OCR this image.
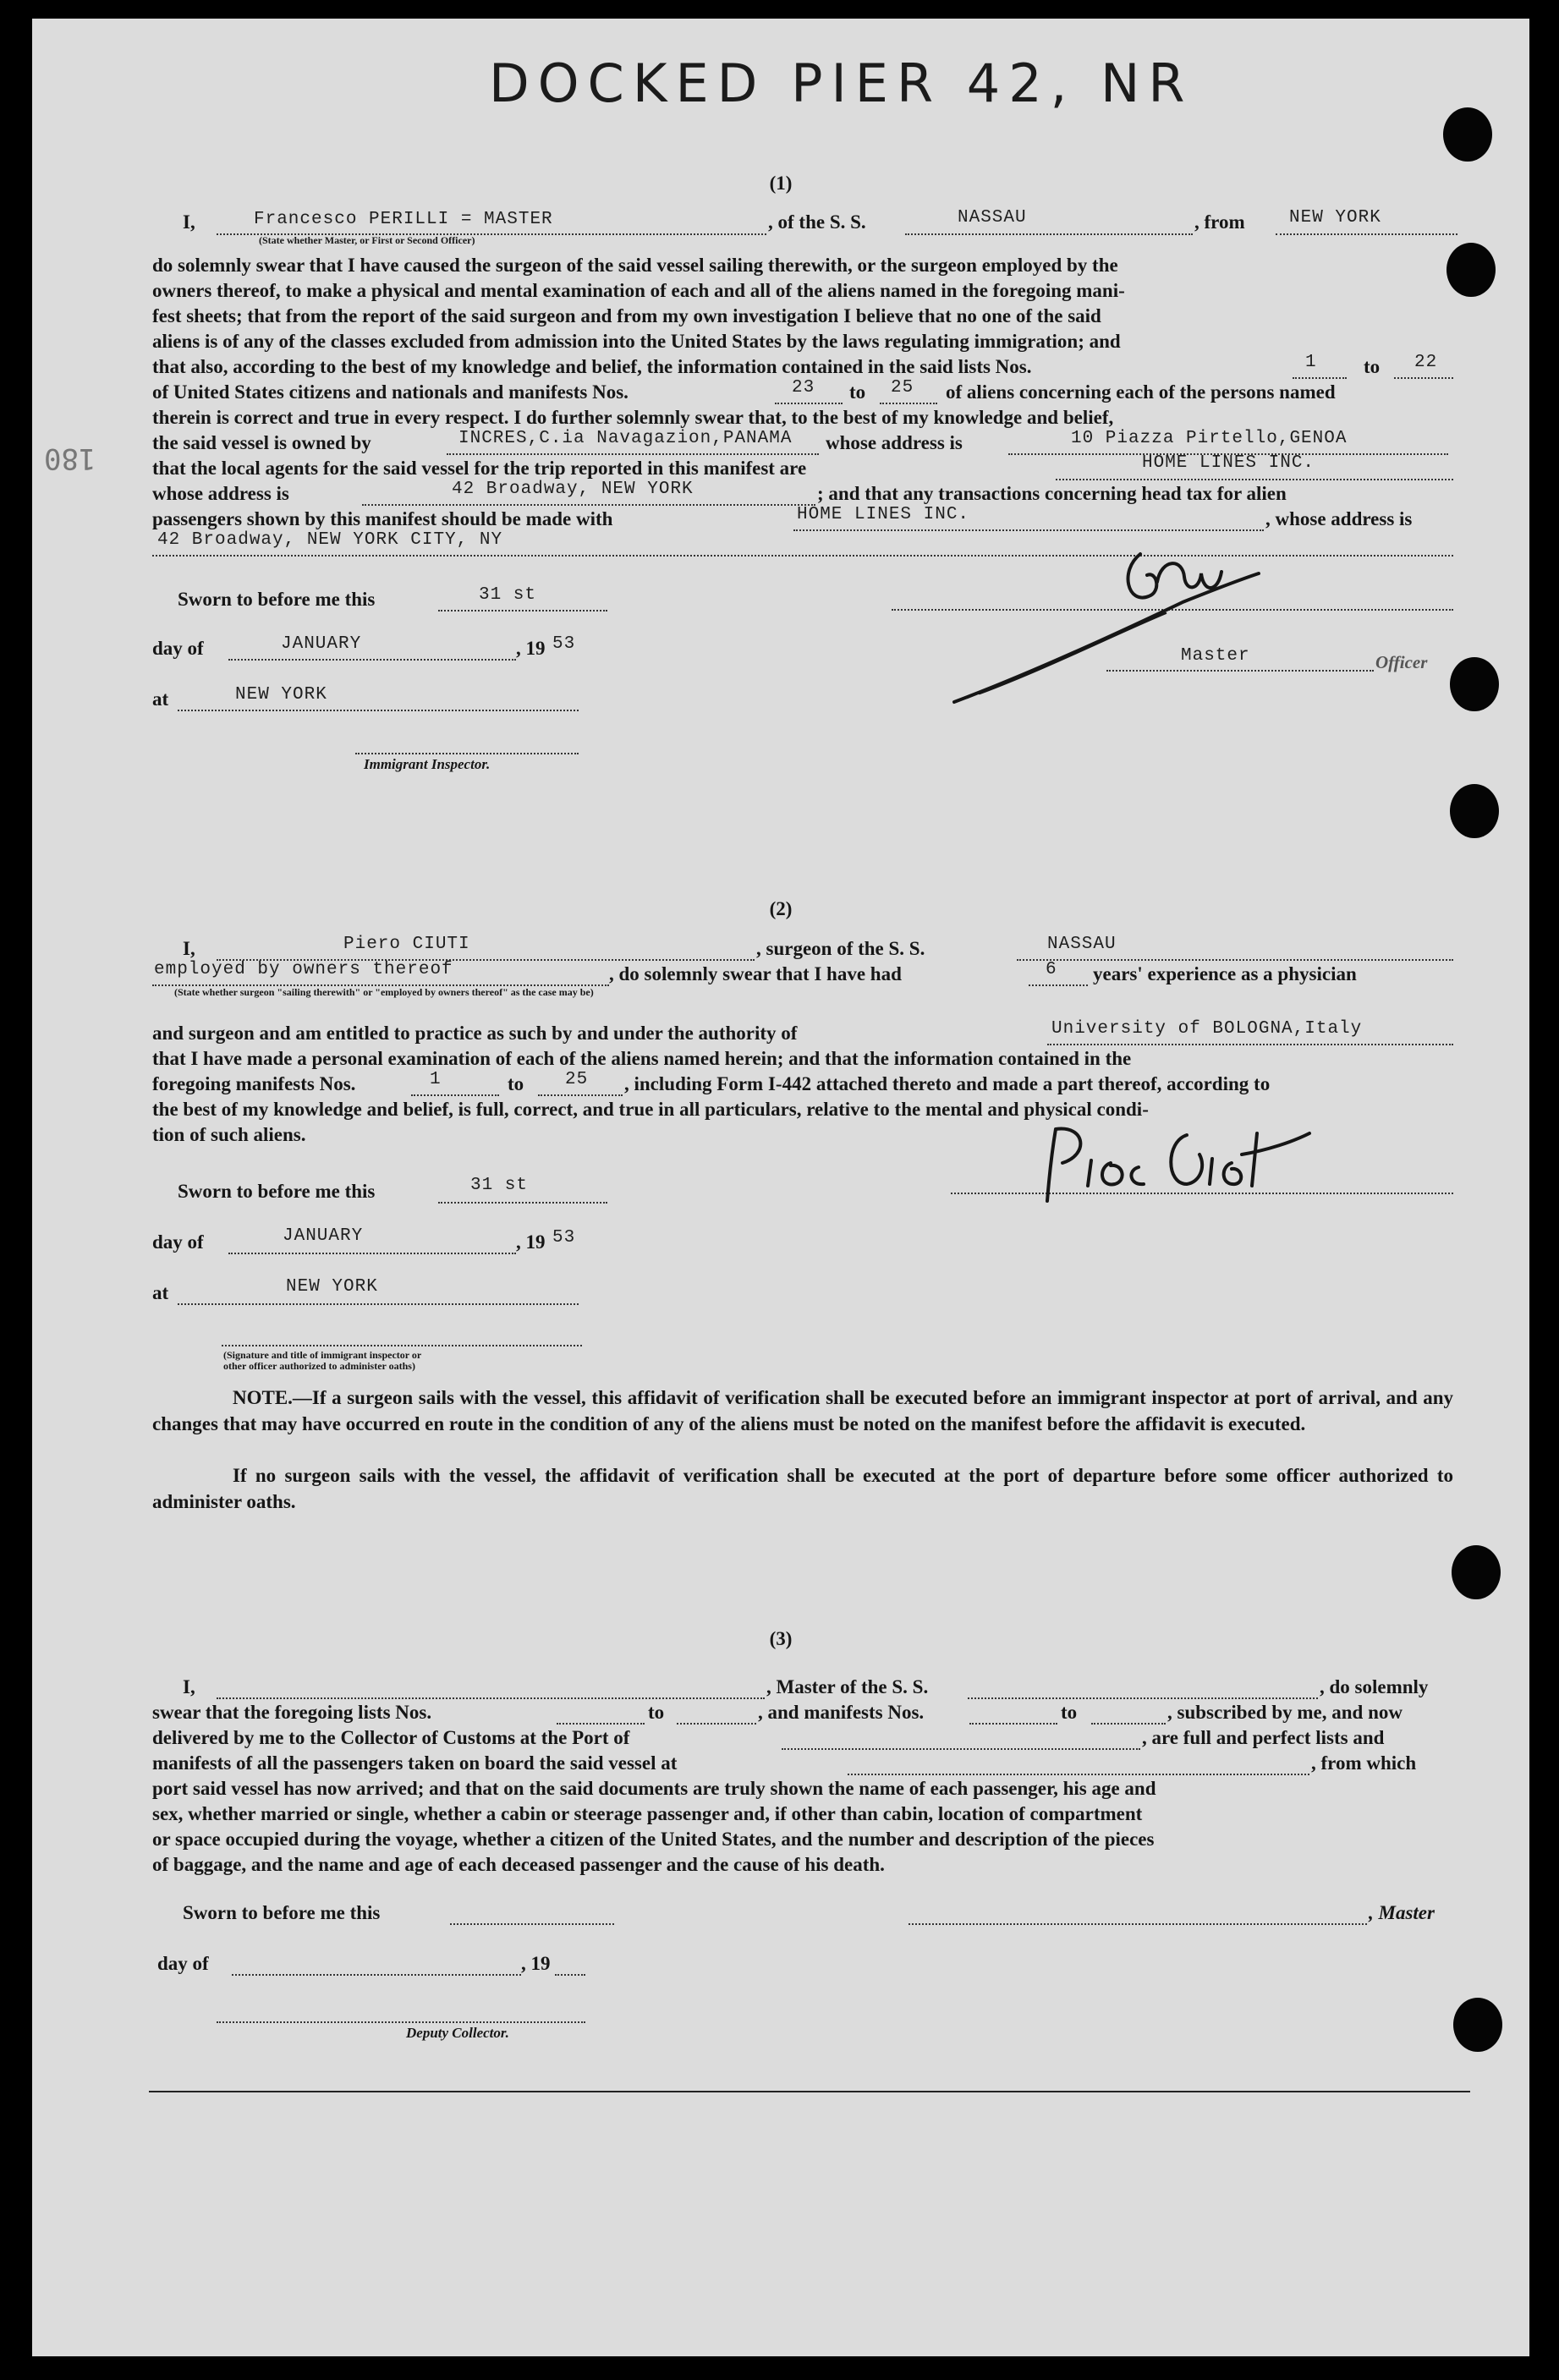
DOCKED PIER 42, NR
180
(1)
I,	Francesco PERILLI = MASTER	, of the S. S.	NASSAU	, from NEW YORK
(State whether Master, or First or Second Officer)
do solemnly swear that I have caused the surgeon of the said vessel sailing therewith, or the surgeon employed by the
owners thereof, to make a physical and mental examination of each and all of the aliens named in the foregoing mani-
fest sheets; that from the report of the said surgeon and from my own investigation I believe that no one of the said
aliens is of any of the classes excluded from admission into the United States by the laws regulating immigration; and
that also, according to the best of my knowledge and belief, the information contained in the said lists Nos.	1 to 22
of United States citizens and nationals and manifests Nos.	23 to 25 of aliens concerning each of the persons named
therein is correct and true in every respect. I do further solemnly swear that, to the best of my knowledge and belief,
the said vessel is owned by	INCRES,C.ia Navagazion,PANAMA whose address is	10 Piazza Pirtello,GENOA
that the local agents for the said vessel for the trip reported in this manifest are	HOME LINES INC.
whose address is	42 Broadway, NEW YORK	; and that any transactions concerning head tax for alien
passengers shown by this manifest should be made with	HOME LINES INC.	, whose address is
42 Broadway, NEW YORK CITY, NY
Sworn to before me this	31 st
day of	JANUARY	, 19 53
at	NEW YORK
Immigrant Inspector.
Master	Officer
(2)
I,	Piero CIUTI	, surgeon of the S. S.	NASSAU
employed by owners thereof	, do solemnly swear that I have had	6 years' experience as a physician
(State whether surgeon "sailing therewith" or "employed by owners thereof" as the case may be)
and surgeon and am entitled to practice as such by and under the authority of	University of BOLOGNA,Italy
that I have made a personal examination of each of the aliens named herein; and that the information contained in the
foregoing manifests Nos.	1	to 25 , including Form I-442 attached thereto and made a part thereof, according to
the best of my knowledge and belief, is full, correct, and true in all particulars, relative to the mental and physical condi-
tion of such aliens.
Sworn to before me this	31 st
day of	JANUARY	, 19 53
at	NEW YORK
(Signature and title of immigrant inspector or
other officer authorized to administer oaths)
NOTE.—If a surgeon sails with the vessel, this affidavit of verification shall be executed before an immigrant inspector at port of arrival, and any changes that may have occurred en route in the condition of any of the aliens must be noted on the manifest before the affidavit is executed.
If no surgeon sails with the vessel, the affidavit of verification shall be executed at the port of departure before some officer authorized to administer oaths.
(3)
I,	, Master of the S. S.	, do solemnly
swear that the foregoing lists Nos.	to	, and manifests Nos.	to	, subscribed by me, and now
delivered by me to the Collector of Customs at the Port of	, are full and perfect lists and
manifests of all the passengers taken on board the said vessel at	, from which
port said vessel has now arrived; and that on the said documents are truly shown the name of each passenger, his age and
sex, whether married or single, whether a cabin or steerage passenger and, if other than cabin, location of compartment
or space occupied during the voyage, whether a citizen of the United States, and the number and description of the pieces
of baggage, and the name and age of each deceased passenger and the cause of his death.
Sworn to before me this	, Master
day of	, 19
Deputy Collector.
